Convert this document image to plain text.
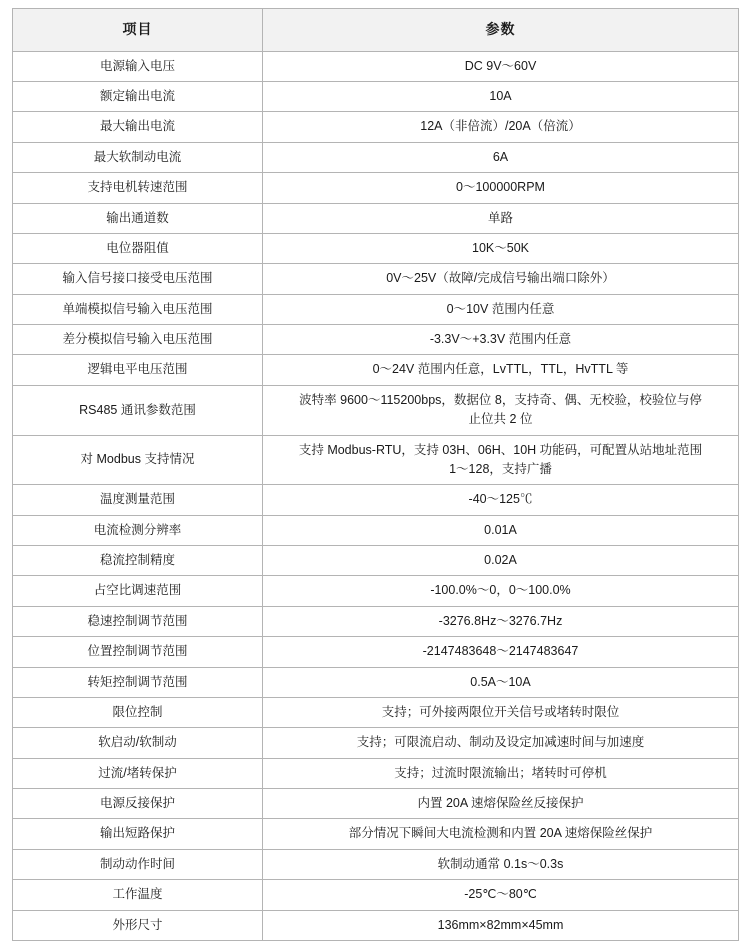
项目	参数
电源输入电压	DC 9V～60V

额定输出电流	10A

最大输出电流	12A（非倍流）/20A（倍流）

最大软制动电流	6A

支持电机转速范围	0～100000RPM

输出通道数	单路

电位器阻值	10K～50K

输入信号接口接受电压范围	0V～25V（故障/完成信号输出端口除外）

单端模拟信号输入电压范围	0～10V 范围内任意

差分模拟信号输入电压范围	-3.3V～+3.3V 范围内任意

逻辑电平电压范围	0～24V 范围内任意，LvTTL，TTL，HvTTL 等

RS485 通讯参数范围	波特率 9600～115200bps，数据位 8，支持奇、偶、无校验，校验位与停止位共 2 位

对 Modbus 支持情况	支持 Modbus-RTU，支持 03H、06H、10H 功能码，可配置从站地址范围 1～128，支持广播

温度测量范围	-40～125℃

电流检测分辨率	0.01A

稳流控制精度	0.02A

占空比调速范围	-100.0%～0，0～100.0%

稳速控制调节范围	-3276.8Hz～3276.7Hz

位置控制调节范围	-2147483648～2147483647

转矩控制调节范围	0.5A～10A

限位控制	支持；可外接两限位开关信号或堵转时限位

软启动/软制动	支持；可限流启动、制动及设定加减速时间与加速度

过流/堵转保护	支持；过流时限流输出；堵转时可停机

电源反接保护	内置 20A 速熔保险丝反接保护

输出短路保护	部分情况下瞬间大电流检测和内置 20A 速熔保险丝保护

制动动作时间	软制动通常 0.1s～0.3s

工作温度	-25℃～80℃

外形尺寸	136mm×82mm×45mm
